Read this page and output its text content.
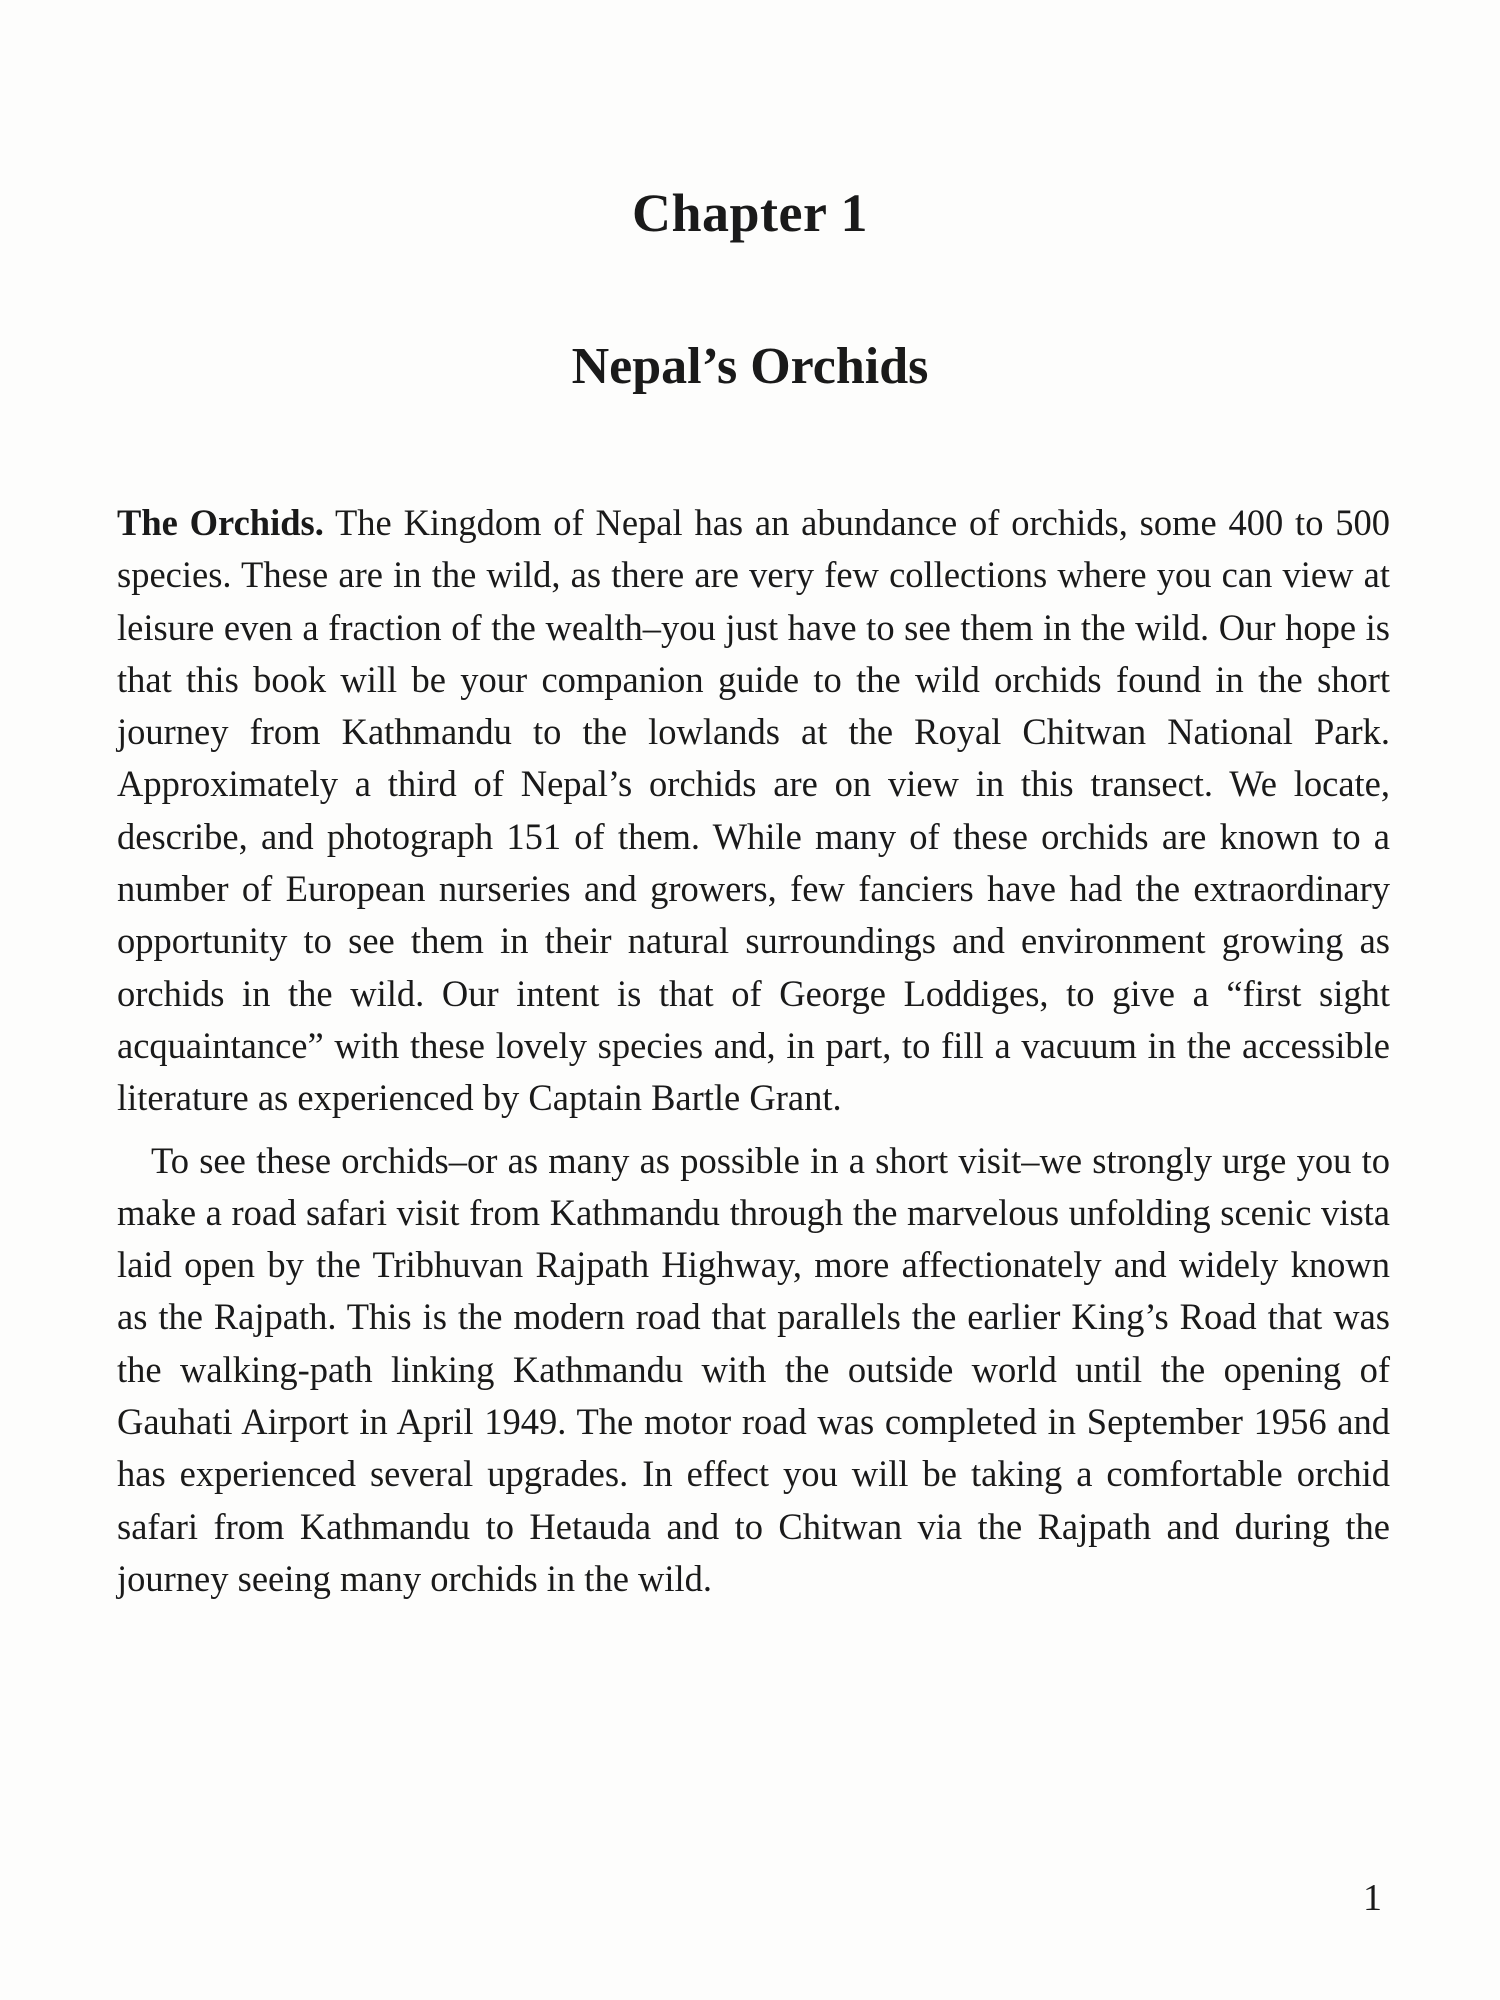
Chapter 1
Nepal’s Orchids

The Orchids. The Kingdom of Nepal has an abundance of orchids, some 400 to 500 species. These are in the wild, as there are very few collections where you can view at leisure even a fraction of the wealth–you just have to see them in the wild. Our hope is that this book will be your companion guide to the wild orchids found in the short journey from Kathmandu to the lowlands at the Royal Chitwan National Park. Approximately a third of Nepal’s orchids are on view in this transect. We locate, describe, and photograph 151 of them. While many of these orchids are known to a number of European nurseries and growers, few fanciers have had the extraordinary opportunity to see them in their natural surroundings and environment growing as orchids in the wild. Our intent is that of George Loddiges, to give a “first sight acquaintance” with these lovely species and, in part, to fill a vacuum in the accessible literature as experienced by Captain Bartle Grant.

To see these orchids–or as many as possible in a short visit–we strongly urge you to make a road safari visit from Kathmandu through the marvelous unfolding scenic vista laid open by the Tribhuvan Rajpath Highway, more affectionately and widely known as the Rajpath. This is the modern road that parallels the earlier King’s Road that was the walking-path linking Kathmandu with the outside world until the opening of Gauhati Airport in April 1949. The motor road was completed in September 1956 and has experienced several upgrades. In effect you will be taking a comfortable orchid safari from Kathmandu to Hetauda and to Chitwan via the Rajpath and during the journey seeing many orchids in the wild.

1
